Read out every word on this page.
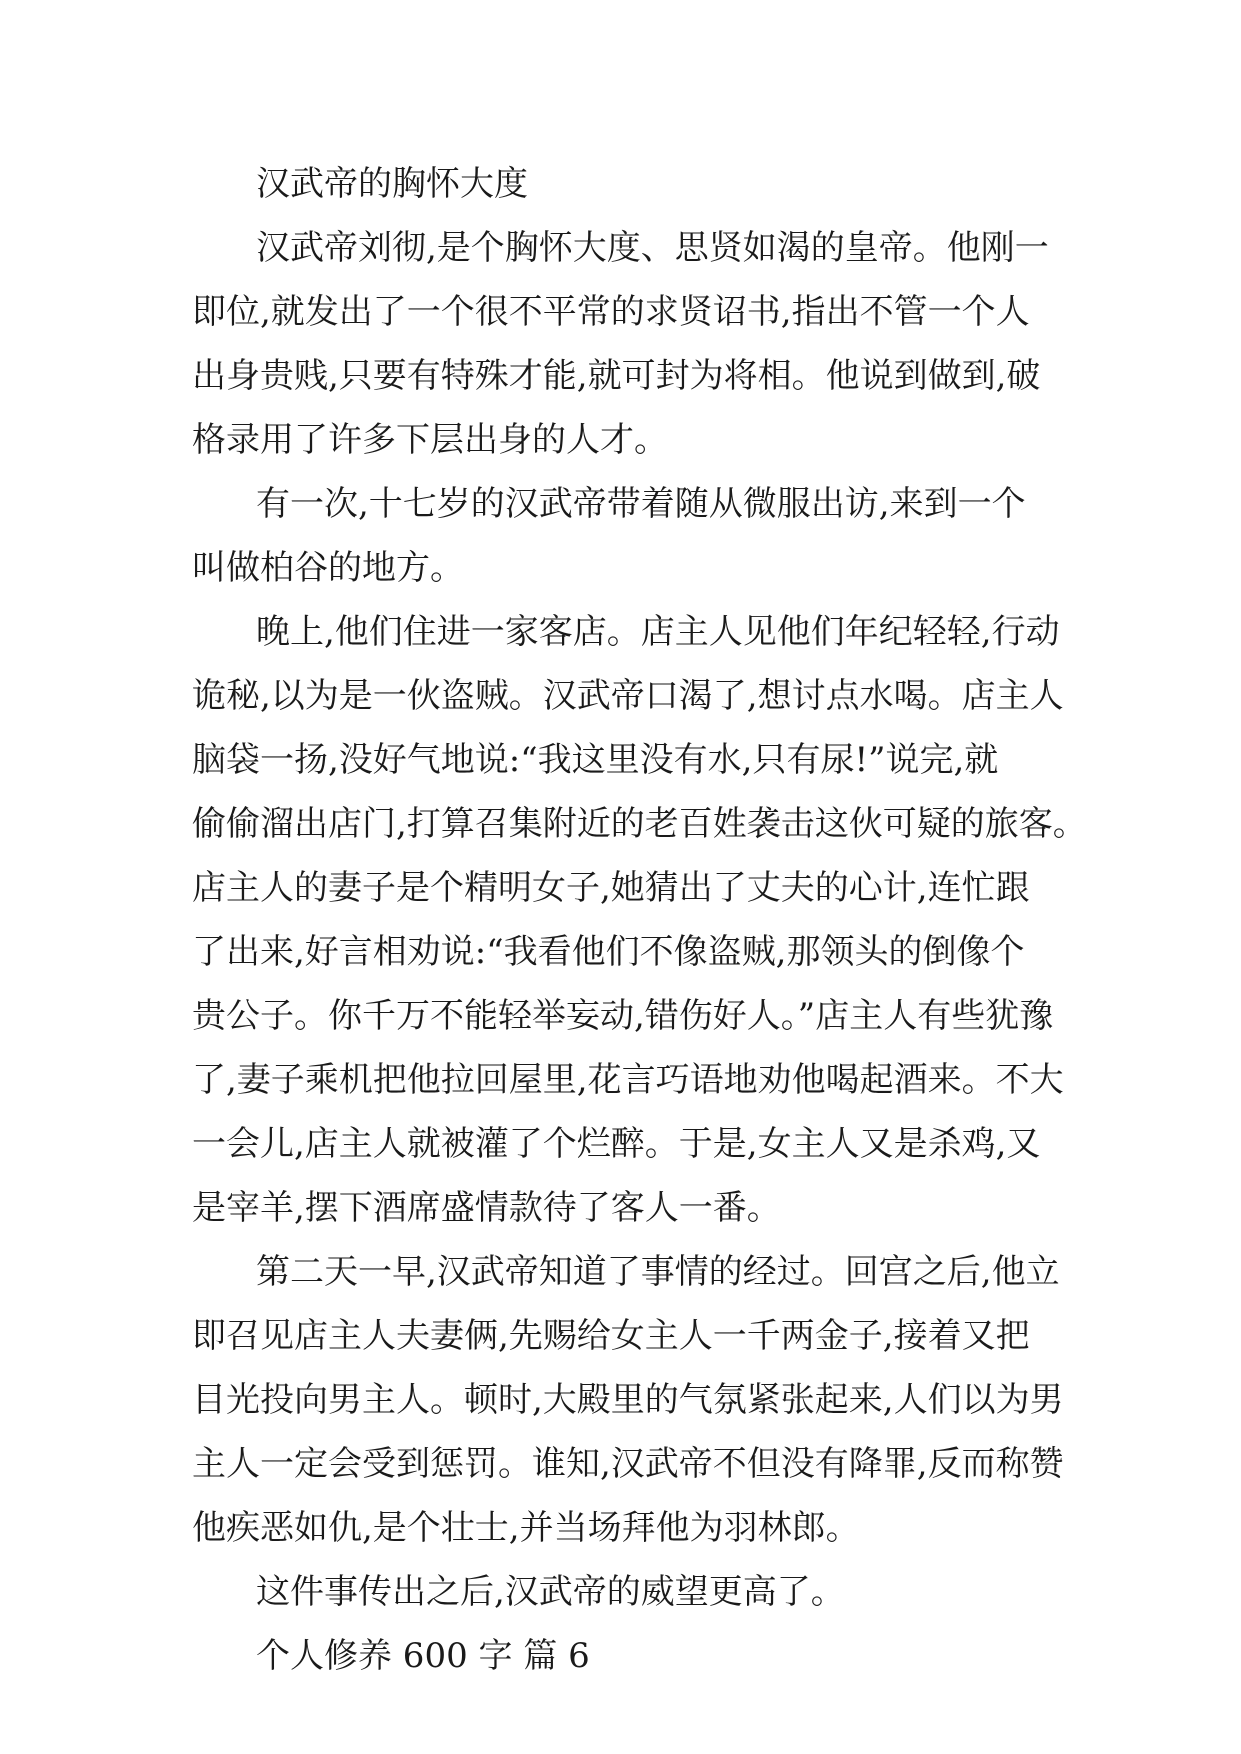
汉武帝的胸怀大度
汉武帝刘彻,是个胸怀大度、思贤如渴的皇帝。他刚一
即位,就发出了一个很不平常的求贤诏书,指出不管一个人
出身贵贱,只要有特殊才能,就可封为将相。他说到做到,破
格录用了许多下层出身的人才。
有一次,十七岁的汉武帝带着随从微服出访,来到一个
叫做柏谷的地方。
晚上,他们住进一家客店。店主人见他们年纪轻轻,行动
诡秘,以为是一伙盗贼。汉武帝口渴了,想讨点水喝。店主人
脑袋一扬,没好气地说:“我这里没有水,只有尿!”说完,就
偷偷溜出店门,打算召集附近的老百姓袭击这伙可疑的旅客。
店主人的妻子是个精明女子,她猜出了丈夫的心计,连忙跟
了出来,好言相劝说:“我看他们不像盗贼,那领头的倒像个
贵公子。你千万不能轻举妄动,错伤好人。”店主人有些犹豫
了,妻子乘机把他拉回屋里,花言巧语地劝他喝起酒来。不大
一会儿,店主人就被灌了个烂醉。于是,女主人又是杀鸡,又
是宰羊,摆下酒席盛情款待了客人一番。
第二天一早,汉武帝知道了事情的经过。回宫之后,他立
即召见店主人夫妻俩,先赐给女主人一千两金子,接着又把
目光投向男主人。顿时,大殿里的气氛紧张起来,人们以为男
主人一定会受到惩罚。谁知,汉武帝不但没有降罪,反而称赞
他疾恶如仇,是个壮士,并当场拜他为羽林郎。
这件事传出之后,汉武帝的威望更高了。
个人修养 600 字 篇 6
